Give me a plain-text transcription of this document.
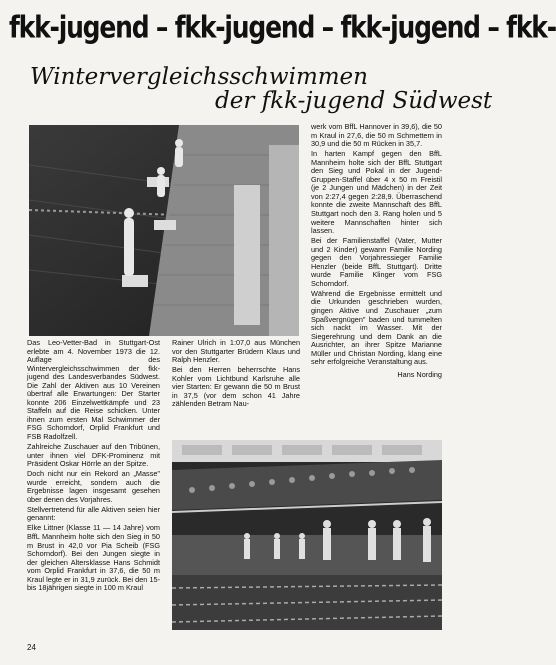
fkk-jugend – fkk-jugend – fkk-jugend – fkk-
Wintervergleichsschwimmen
der fkk-jugend Südwest

Das Leo-Vetter-Bad in Stuttgart-Ost erlebte am 4. November 1973 die 12. Auflage des Wintervergleichsschwimmen der fkk-jugend des Landesverbandes Südwest. Die Zahl der Aktiven aus 10 Vereinen übertraf alle Erwartungen: Der Starter konnte 206 Einzelwettkämpfe und 23 Staffeln auf die Reise schicken. Unter ihnen zum ersten Mal Schwimmer der FSG Schorndorf, Orplid Frankfurt und FSB Radolfzell.

Zahlreiche Zuschauer auf den Tribünen, unter ihnen viel DFK-Prominenz mit Präsident Oskar Hörrle an der Spitze.

Doch nicht nur ein Rekord an „Masse" wurde erreicht, sondern auch die Ergebnisse lagen insgesamt gesehen über denen des Vorjahres.

Stellvertretend für alle Aktiven seien hier genannt:

Elke Littner (Klasse 11 — 14 Jahre) vom BffL Mannheim holte sich den Sieg in 50 m Brust in 42,0 vor Pia Scheib (FSG Schorndorf). Bei den Jungen siegte in der gleichen Altersklasse Hans Schmidt vom Orplid Frankfurt in 37,6, die 50 m Kraul legte er in 31,9 zurück. Bei den 15- bis 18jährigen siegte in 100 m Kraul

Rainer Ulrich in 1:07,0 aus München vor den Stuttgarter Brüdern Klaus und Ralph Henzler.

Bei den Herren beherrschte Hans Kohler vom Lichtbund Karlsruhe alle vier Starten: Er gewann die 50 m Brust in 37,5 (vor dem schon 41 Jahre zählenden Betram Nau-

werk vom BffL Hannover in 39,6), die 50 m Kraul in 27,6, die 50 m Schmettern in 30,9 und die 50 m Rücken in 35,7.

In harten Kampf gegen den BffL Mannheim holte sich der BffL Stuttgart den Sieg und Pokal in der Jugend-Gruppen-Staffel über 4 x 50 m Freistil (je 2 Jungen und Mädchen) in der Zeit von 2:27,4 gegen 2:28,9. Überraschend konnte die zweite Mannschaft des BffL Stuttgart noch den 3. Rang holen und 5 weitere Mannschaften hinter sich lassen.

Bei der Familienstaffel (Vater, Mutter und 2 Kinder) gewann Familie Nording gegen den Vorjahressieger Familie Henzler (beide BffL Stuttgart). Dritte wurde Familie Klinger vom FSG Schorndorf.

Während die Ergebnisse ermittelt und die Urkunden geschrieben wurden, gingen Aktive und Zuschauer „zum Spaßvergnügen" baden und tummelten sich nackt im Wasser. Mit der Siegerehrung und dem Dank an die Ausrichter, an ihrer Spitze Marianne Müller und Christan Nording, klang eine sehr erfolgreiche Veranstaltung aus.

Hans Nording

24
